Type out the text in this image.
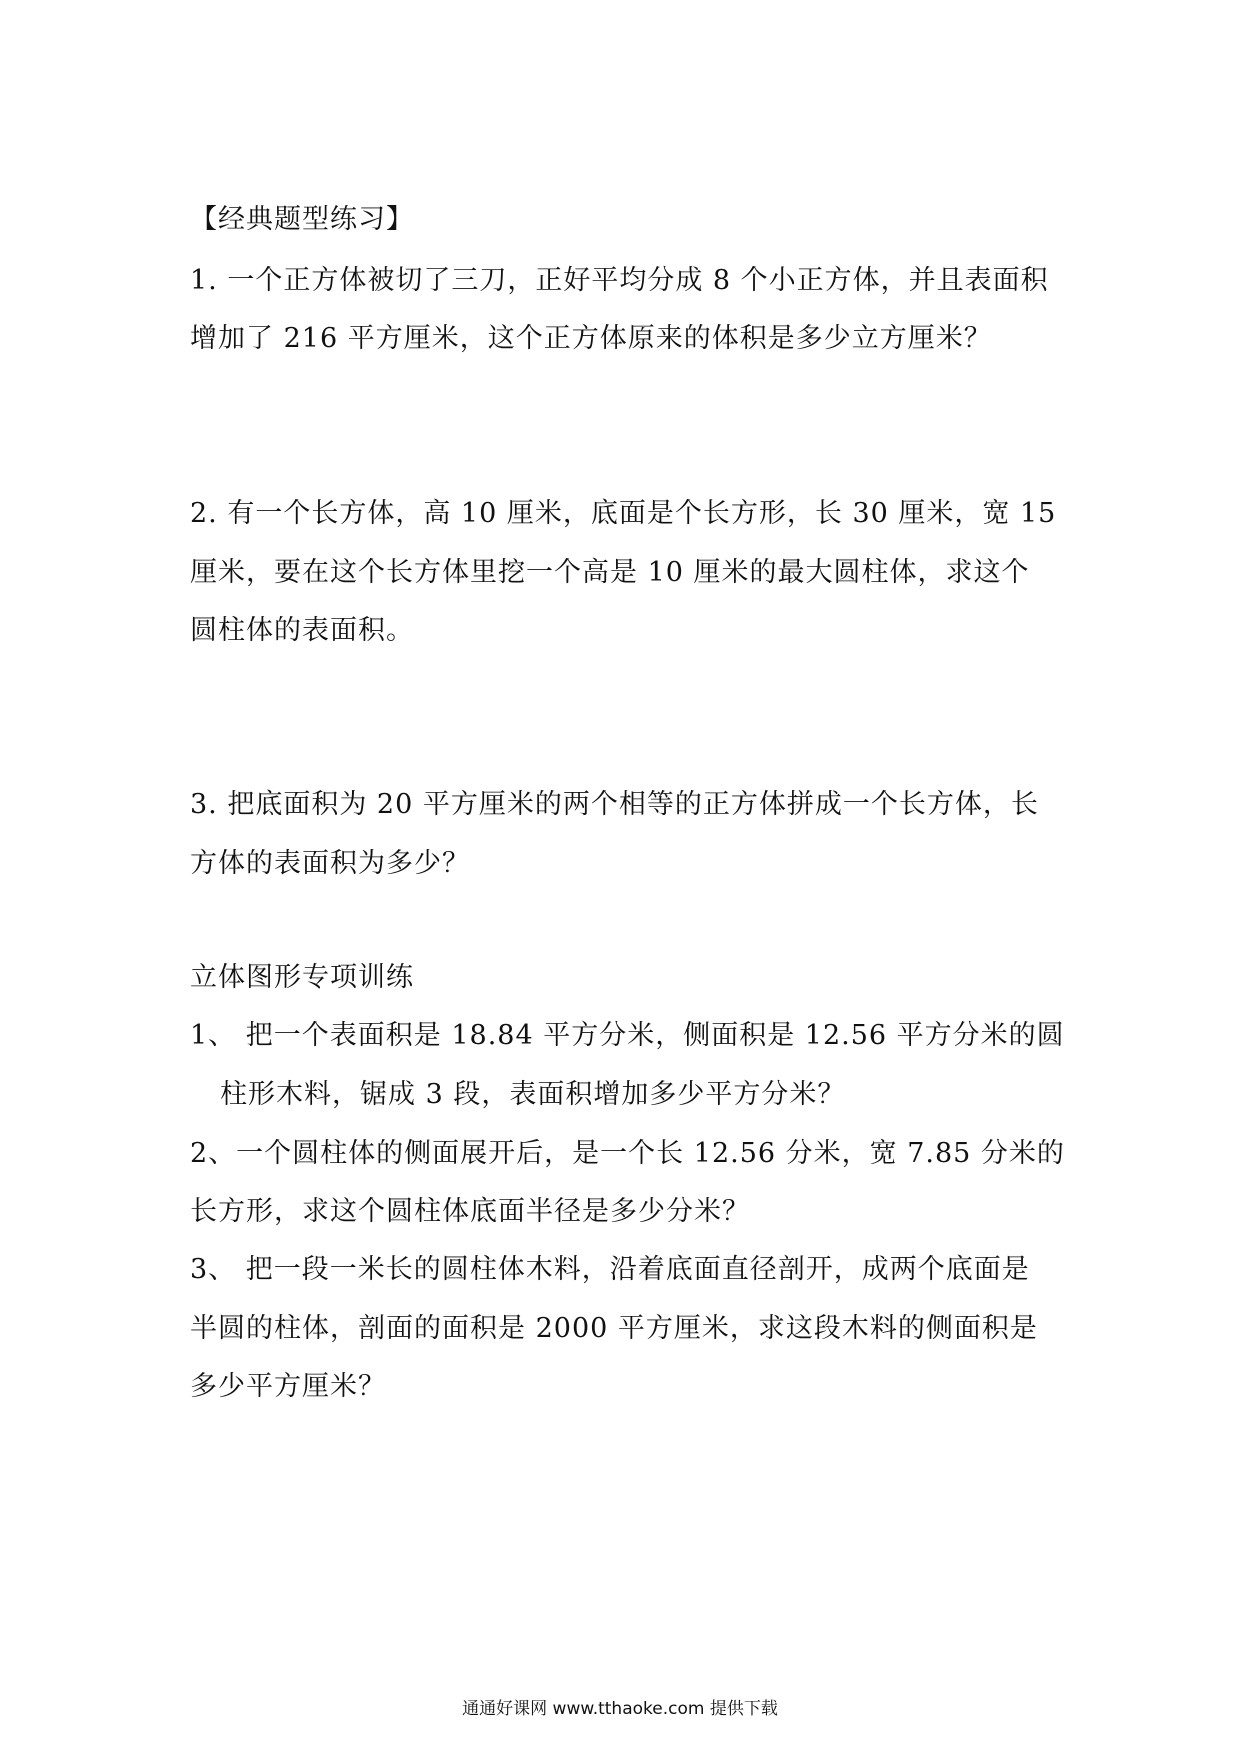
【经典题型练习】
1. 一个正方体被切了三刀，正好平均分成 8 个小正方体，并且表面积
增加了 216 平方厘米，这个正方体原来的体积是多少立方厘米？
2. 有一个长方体，高 10 厘米，底面是个长方形，长 30 厘米，宽 15
厘米，要在这个长方体里挖一个高是 10 厘米的最大圆柱体，求这个
圆柱体的表面积。
3. 把底面积为 20 平方厘米的两个相等的正方体拼成一个长方体，长
方体的表面积为多少？
立体图形专项训练
1、 把一个表面积是 18.84 平方分米，侧面积是 12.56 平方分米的圆
柱形木料，锯成 3 段，表面积增加多少平方分米？
2、一个圆柱体的侧面展开后，是一个长 12.56 分米，宽 7.85 分米的
长方形，求这个圆柱体底面半径是多少分米？
3、 把一段一米长的圆柱体木料，沿着底面直径剖开，成两个底面是
半圆的柱体，剖面的面积是 2000 平方厘米，求这段木料的侧面积是
多少平方厘米？
通通好课网 www.tthaoke.com 提供下载
